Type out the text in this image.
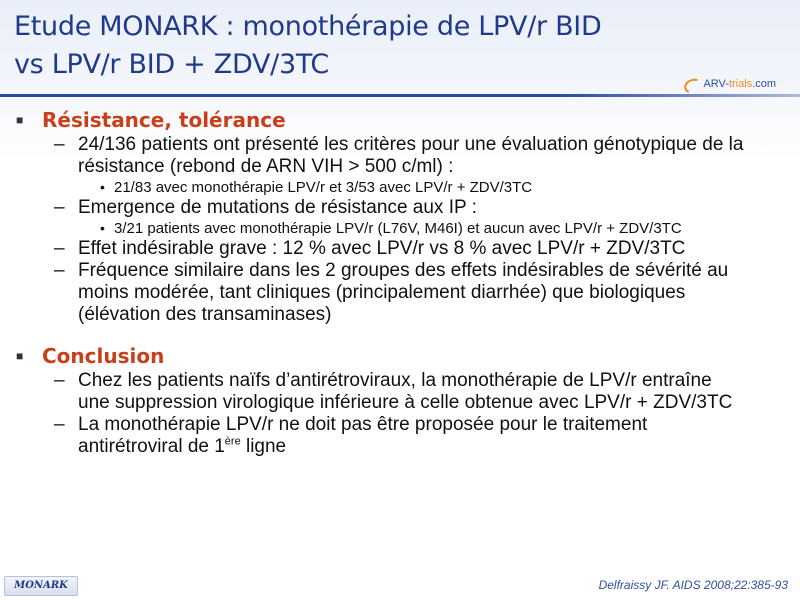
Etude MONARK : monothérapie de LPV/r BID
vs LPV/r BID + ZDV/3TC
ARV- trials .com
■ Résistance, tolérance
– 24/136 patients ont présenté les critères pour une évaluation génotypique de la résistance (rebond de ARN VIH > 500 c/ml) :
• 21/83 avec monothérapie LPV/r et 3/53 avec LPV/r + ZDV/3TC
– Emergence de mutations de résistance aux IP :
• 3/21 patients avec monothérapie LPV/r (L76V, M46I) et aucun avec LPV/r + ZDV/3TC
– Effet indésirable grave : 12 % avec LPV/r vs 8 % avec LPV/r + ZDV/3TC
– Fréquence similaire dans les 2 groupes des effets indésirables de sévérité au moins modérée, tant cliniques (principalement diarrhée) que biologiques (élévation des transaminases)
■ Conclusion
– Chez les patients naïfs d’antirétroviraux, la monothérapie de LPV/r entraîne une suppression virologique inférieure à celle obtenue avec LPV/r + ZDV/3TC
– La monothérapie LPV/r ne doit pas être proposée pour le traitement antirétroviral de 1ère ligne
MONARK	Delfraissy JF. AIDS 2008;22:385-93
